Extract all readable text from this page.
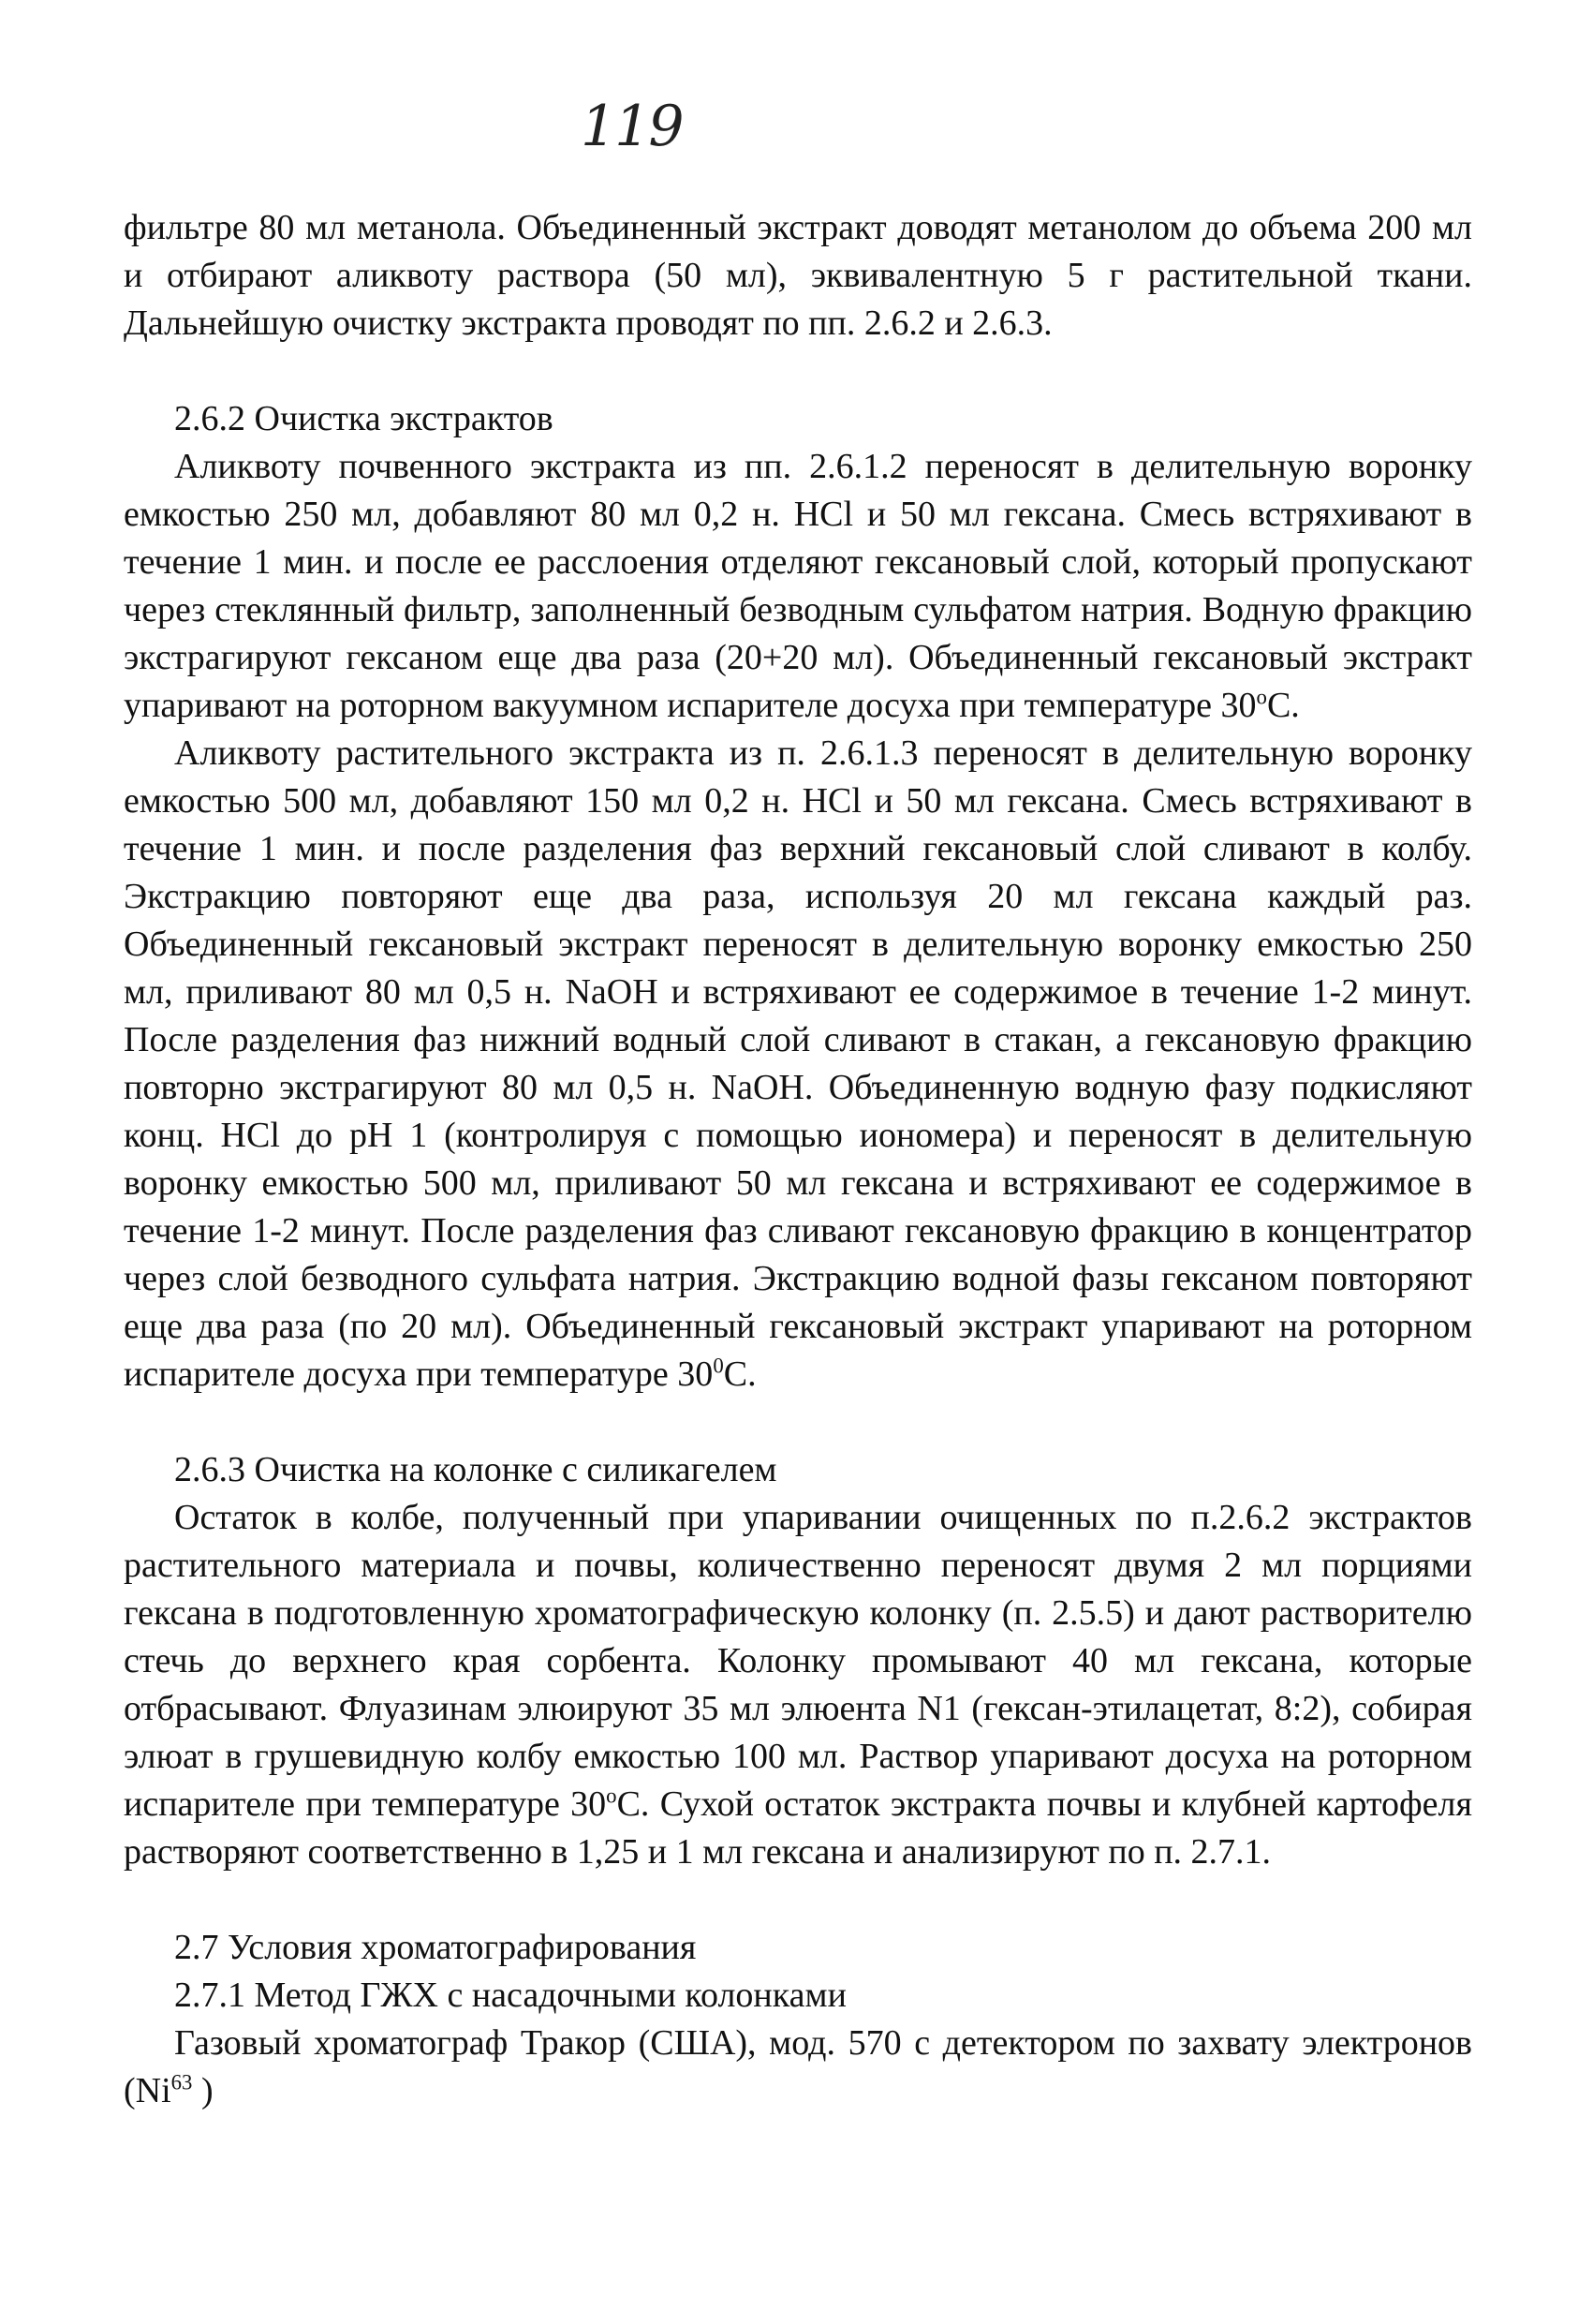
119

фильтре 80 мл метанола. Объединенный экстракт доводят метанолом до объема 200 мл и отбирают аликвоту раствора (50 мл), эквивалентную 5 г растительной ткани. Дальнейшую очистку экстракта проводят по пп. 2.6.2 и 2.6.3.

2.6.2 Очистка экстрактов

Аликвоту почвенного экстракта из пп. 2.6.1.2 переносят в делительную воронку емкостью 250 мл, добавляют 80 мл 0,2 н. HCl и 50 мл гексана. Смесь встряхивают в течение 1 мин. и после ее расслоения отделяют гексановый слой, который пропускают через стеклянный фильтр, заполненный безводным сульфатом натрия. Водную фракцию экстрагируют гексаном еще два раза (20+20 мл). Объединенный гексановый экстракт упаривают на роторном вакуумном испарителе досуха при температуре 30$^o$С.

Аликвоту растительного экстракта из п. 2.6.1.3 переносят в делительную воронку емкостью 500 мл, добавляют 150 мл 0,2 н. HCl и 50 мл гексана. Смесь встряхивают в течение 1 мин. и после разделения фаз верхний гексановый слой сливают в колбу. Экстракцию повторяют еще два раза, используя 20 мл гексана каждый раз. Объединенный гексановый экстракт переносят в делительную воронку емкостью 250 мл, приливают 80 мл 0,5 н. NaOH и встряхивают ее содержимое в течение 1-2 минут. После разделения фаз нижний водный слой сливают в стакан, а гексановую фракцию повторно экстрагируют 80 мл 0,5 н. NaOH. Объединенную водную фазу подкисляют конц. HCl до pH 1 (контролируя с помощью иономера) и переносят в делительную воронку емкостью 500 мл, приливают 50 мл гексана и встряхивают ее содержимое в течение 1-2 минут. После разделения фаз сливают гексановую фракцию в концентратор через слой безводного сульфата натрия. Экстракцию водной фазы гексаном повторяют еще два раза (по 20 мл). Объединенный гексановый экстракт упаривают на роторном испарителе досуха при температуре $30^0С$.

2.6.3 Очистка на колонке с силикагелем

Остаток в колбе, полученный при упаривании очищенных по п.2.6.2 экстрактов растительного материала и почвы, количественно переносят двумя 2 мл порциями гексана в подготовленную хроматографическую колонку (п. 2.5.5) и дают растворителю стечь до верхнего края сорбента. Колонку промывают 40 мл гексана, которые отбрасывают. Флуазинам элюируют 35 мл элюента N1 (гексан-этилацетат, 8:2), собирая элюат в грушевидную колбу емкостью 100 мл. Раствор упаривают досуха на роторном испарителе при температуре 30$^o$С. Сухой остаток экстракта почвы и клубней картофеля растворяют соответственно в 1,25 и 1 мл гексана и анализируют по п. 2.7.1.

2.7 Условия хроматографирования

2.7.1 Метод ГЖХ с насадочными колонками

Газовый хроматограф Тракор (США), мод. 570 с детектором по захвату электронов (Ni$^{63}$ )
